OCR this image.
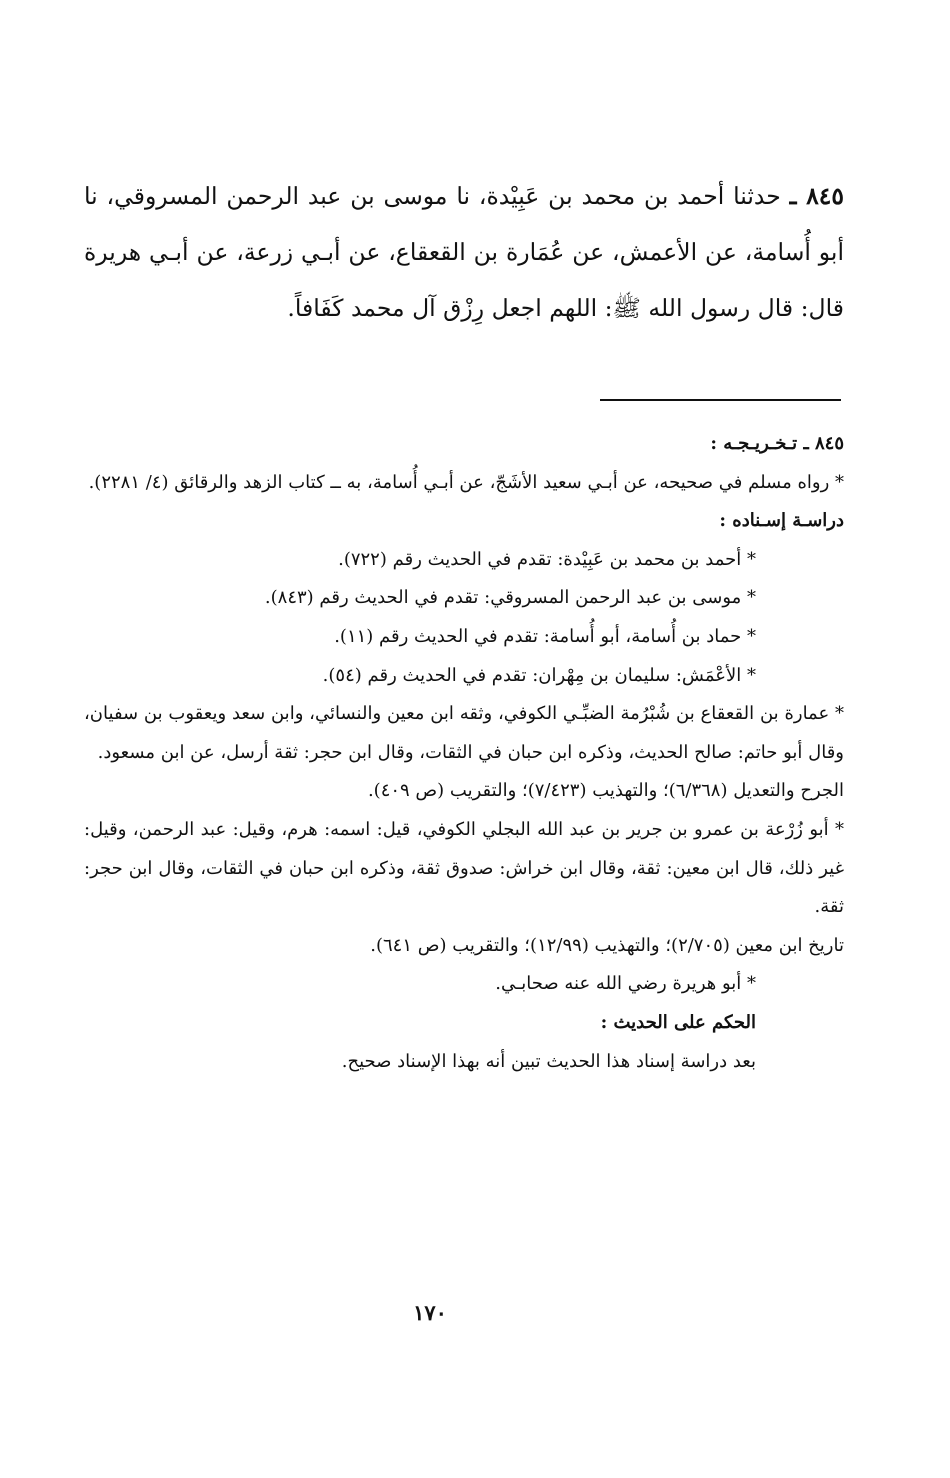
٨٤٥ ـ حدثنا أحمد بن محمد بن عَبِيْدة، نا موسى بن عبد الرحمن المسروقي، نا أبو أُسامة، عن الأعمش، عن عُمَارة بن القعقاع، عن أبـي زرعة، عن أبـي هريرة قال: قال رسول الله ﷺ: اللهم اجعل رِزْق آل محمد كَفَافاً.

٨٤٥ ـ تـخـريـجـه :

* رواه مسلم في صحيحه، عن أبـي سعيد الأشَجّ، عن أبـي أُسامة، به ــ كتاب الزهد والرقائق (٤/ ٢٢٨١).

دراسـة إسـناده :

* أحمد بن محمد بن عَبِيْدة: تقدم في الحديث رقم (٧٢٢).

* موسى بن عبد الرحمن المسروقي: تقدم في الحديث رقم (٨٤٣).

* حماد بن أُسامة، أبو أُسامة: تقدم في الحديث رقم (١١).

* الأعْمَش: سليمان بن مِهْران: تقدم في الحديث رقم (٥٤).

* عمارة بن القعقاع بن شُبْرُمة الضبِّـي الكوفي، وثقه ابن معين والنسائي، وابن سعد ويعقوب بن سفيان، وقال أبو حاتم: صالح الحديث، وذكره ابن حبان في الثقات، وقال ابن حجر: ثقة أرسل، عن ابن مسعود.

الجرح والتعديل (٦/٣٦٨)؛ والتهذيب (٧/٤٢٣)؛ والتقريب (ص ٤٠٩).

* أبو زُرْعة بن عمرو بن جرير بن عبد الله البجلي الكوفي، قيل: اسمه: هرم، وقيل: عبد الرحمن، وقيل: غير ذلك، قال ابن معين: ثقة، وقال ابن خراش: صدوق ثقة، وذكره ابن حبان في الثقات، وقال ابن حجر: ثقة.

تاريخ ابن معين (٢/٧٠٥)؛ والتهذيب (١٢/٩٩)؛ والتقريب (ص ٦٤١).

* أبو هريرة رضي الله عنه صحابـي.

الحكم على الحديث :

بعد دراسة إسناد هذا الحديث تبين أنه بهذا الإسناد صحيح.

١٧٠
